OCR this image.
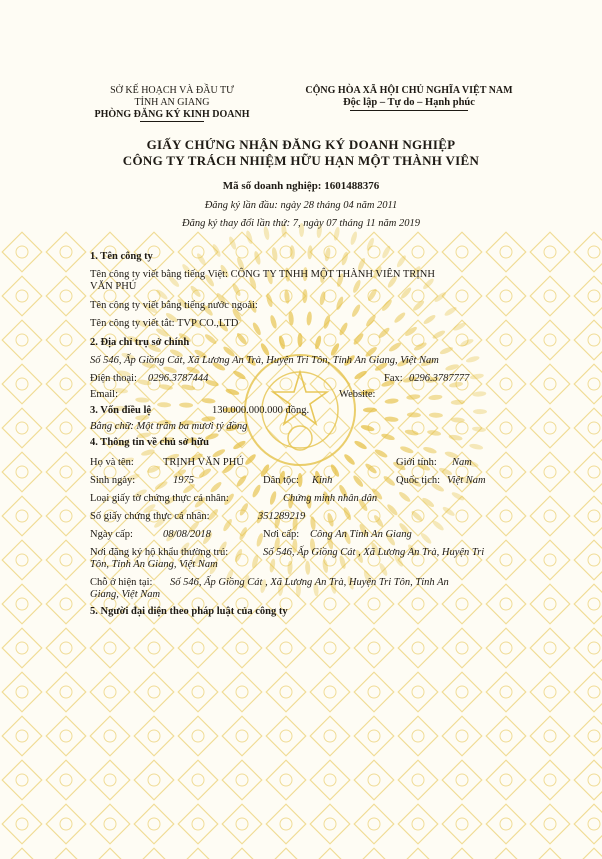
SỞ KẾ HOẠCH VÀ ĐẦU TƯ
TỈNH AN GIANG
PHÒNG ĐĂNG KÝ KINH DOANH
CỘNG HÒA XÃ HỘI CHỦ NGHĨA VIỆT NAM
Độc lập – Tự do – Hạnh phúc
GIẤY CHỨNG NHẬN ĐĂNG KÝ DOANH NGHIỆP
CÔNG TY TRÁCH NHIỆM HỮU HẠN MỘT THÀNH VIÊN
Mã số doanh nghiệp: 1601488376
Đăng ký lần đầu: ngày 28 tháng 04 năm 2011
Đăng ký thay đổi lần thứ: 7, ngày 07 tháng 11 năm 2019
1. Tên công ty
Tên công ty viết bằng tiếng Việt: CÔNG TY TNHH MỘT THÀNH VIÊN TRỊNH
VĂN PHÚ
Tên công ty viết bằng tiếng nước ngoài:
Tên công ty viết tắt: TVP CO.,LTD
2. Địa chỉ trụ sở chính
Số 546, Ấp Giồng Cát, Xã Lương An Trà, Huyện Tri Tôn, Tỉnh An Giang, Việt Nam
Điện thoại: 0296.3787444	Fax: 0296.3787777
Email:	Website:
3. Vốn điều lệ	130.000.000.000 đồng.
Bằng chữ: Một trăm ba mươi tỷ đồng
4. Thông tin về chủ sở hữu
Họ và tên:	TRỊNH VĂN PHÚ	Giới tính: Nam
Sinh ngày:	1975	Dân tộc: Kinh	Quốc tịch: Việt Nam
Loại giấy tờ chứng thực cá nhân:	Chứng minh nhân dân
Số giấy chứng thực cá nhân:	351289219
Ngày cấp:	08/08/2018	Nơi cấp: Công An Tỉnh An Giang
Nơi đăng ký hộ khẩu thường trú:	Số 546, Ấp Giồng Cát , Xã Lương An Trà, Huyện Tri
Tôn, Tỉnh An Giang, Việt Nam
Chỗ ở hiện tại: Số 546, Ấp Giồng Cát , Xã Lương An Trà, Huyện Tri Tôn, Tỉnh An
Giang, Việt Nam
5. Người đại diện theo pháp luật của công ty
